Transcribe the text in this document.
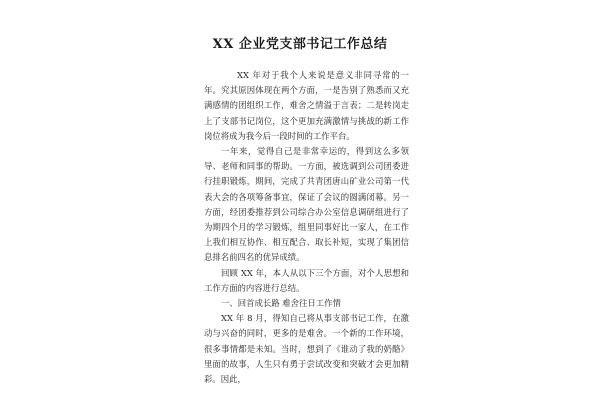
XX 企业党支部书记工作总结

XX 年对于我个人来说是意义非同寻常的一年。究其原因体现在两个方面，一是告别了熟悉而又充满感情的团组织工作，难舍之情溢于言表；二是转岗走上了支部书记岗位，这个更加充满激情与挑战的新工作岗位将成为我今后一段时间的工作平台。

一年来，觉得自己是非常幸运的，得到这么多领导、老师和同事的帮助。一方面，被选调到公司团委进行挂职锻炼，期间，完成了共青团唐山矿业公司第一代表大会的各项筹备事宜，保证了会议的圆满闭幕。另一方面，经团委推荐到公司综合办公室信息调研组进行了为期四个月的学习锻炼，组里同事好比一家人，在工作上我们相互协作、相互配合、取长补短，实现了集团信息排名前四名的优异成绩。

回顾 XX 年，本人从以下三个方面，对个人思想和工作方面的内容进行总结。

一、回首成长路 难舍往日工作情

XX 年 8 月，得知自己将从事支部书记工作，在激动与兴奋的同时，更多的是难舍。一个新的工作环境，很多事情都是未知。当时，想到了《谁动了我的奶酪》里面的故事，人生只有勇于尝试改变和突破才会更加精彩。因此，
